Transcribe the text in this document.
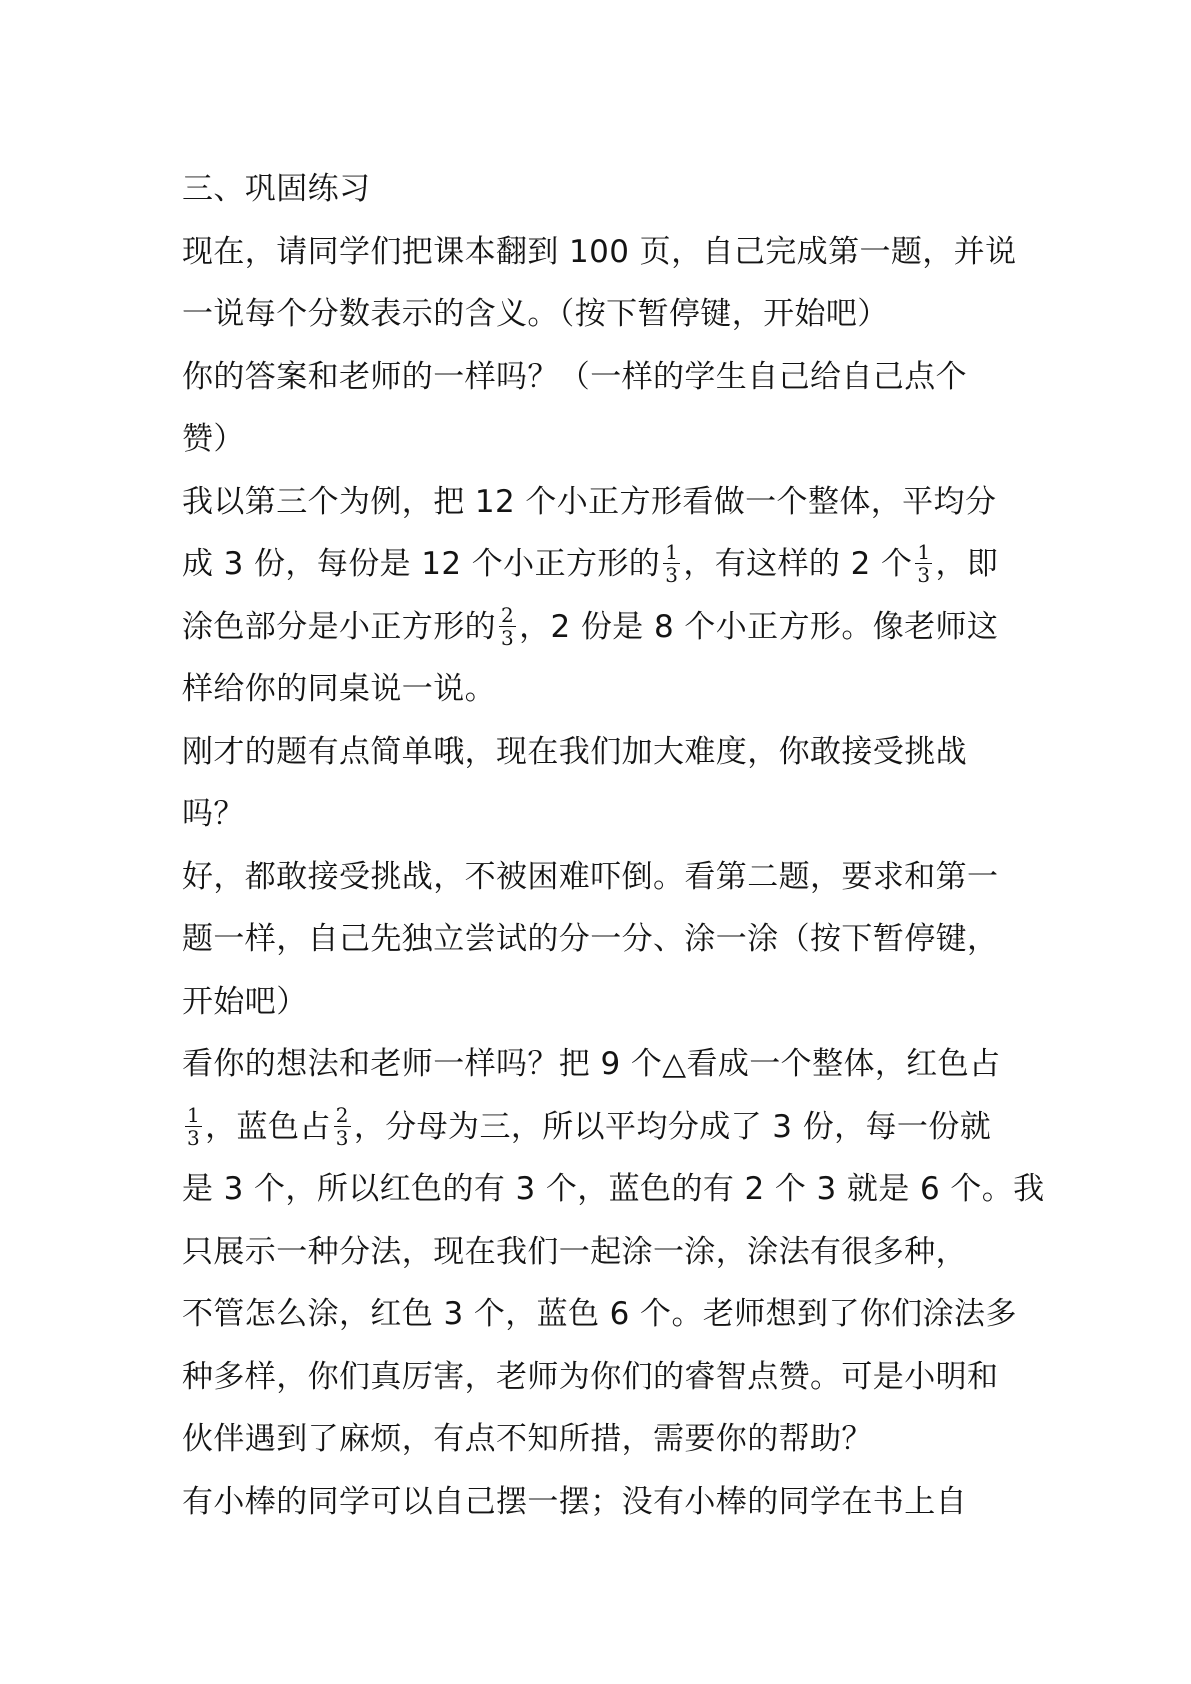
三、巩固练习
现在，请同学们把课本翻到 100 页，自己完成第一题，并说
一说每个分数表示的含义。（按下暂停键，开始吧）
你的答案和老师的一样吗？（一样的学生自己给自己点个
赞）
我以第三个为例，把 12 个小正方形看做一个整体，平均分
成 3 份，每份是 12 个小正方形的 $\frac{1}{3}$ ，有这样的 2 个 $\frac{1}{3}$ ，即
涂色部分是小正方形的 $\frac{2}{3}$ ，2 份是 8 个小正方形。像老师这
样给你的同桌说一说。
刚才的题有点简单哦，现在我们加大难度，你敢接受挑战
吗？
好，都敢接受挑战，不被困难吓倒。看第二题，要求和第一
题一样，自己先独立尝试的分一分、涂一涂（按下暂停键，
开始吧）
看你的想法和老师一样吗？把 9 个△看成一个整体，红色占
$\frac{1}{3}$ ，蓝色占 $\frac{2}{3}$ ，分母为三，所以平均分成了 3 份，每一份就
是 3 个，所以红色的有 3 个，蓝色的有 2 个 3 就是 6 个。我
只展示一种分法，现在我们一起涂一涂，涂法有很多种，
不管怎么涂，红色 3 个，蓝色 6 个。老师想到了你们涂法多
种多样，你们真厉害，老师为你们的睿智点赞。可是小明和
伙伴遇到了麻烦，有点不知所措，需要你的帮助？
有小棒的同学可以自己摆一摆；没有小棒的同学在书上自
